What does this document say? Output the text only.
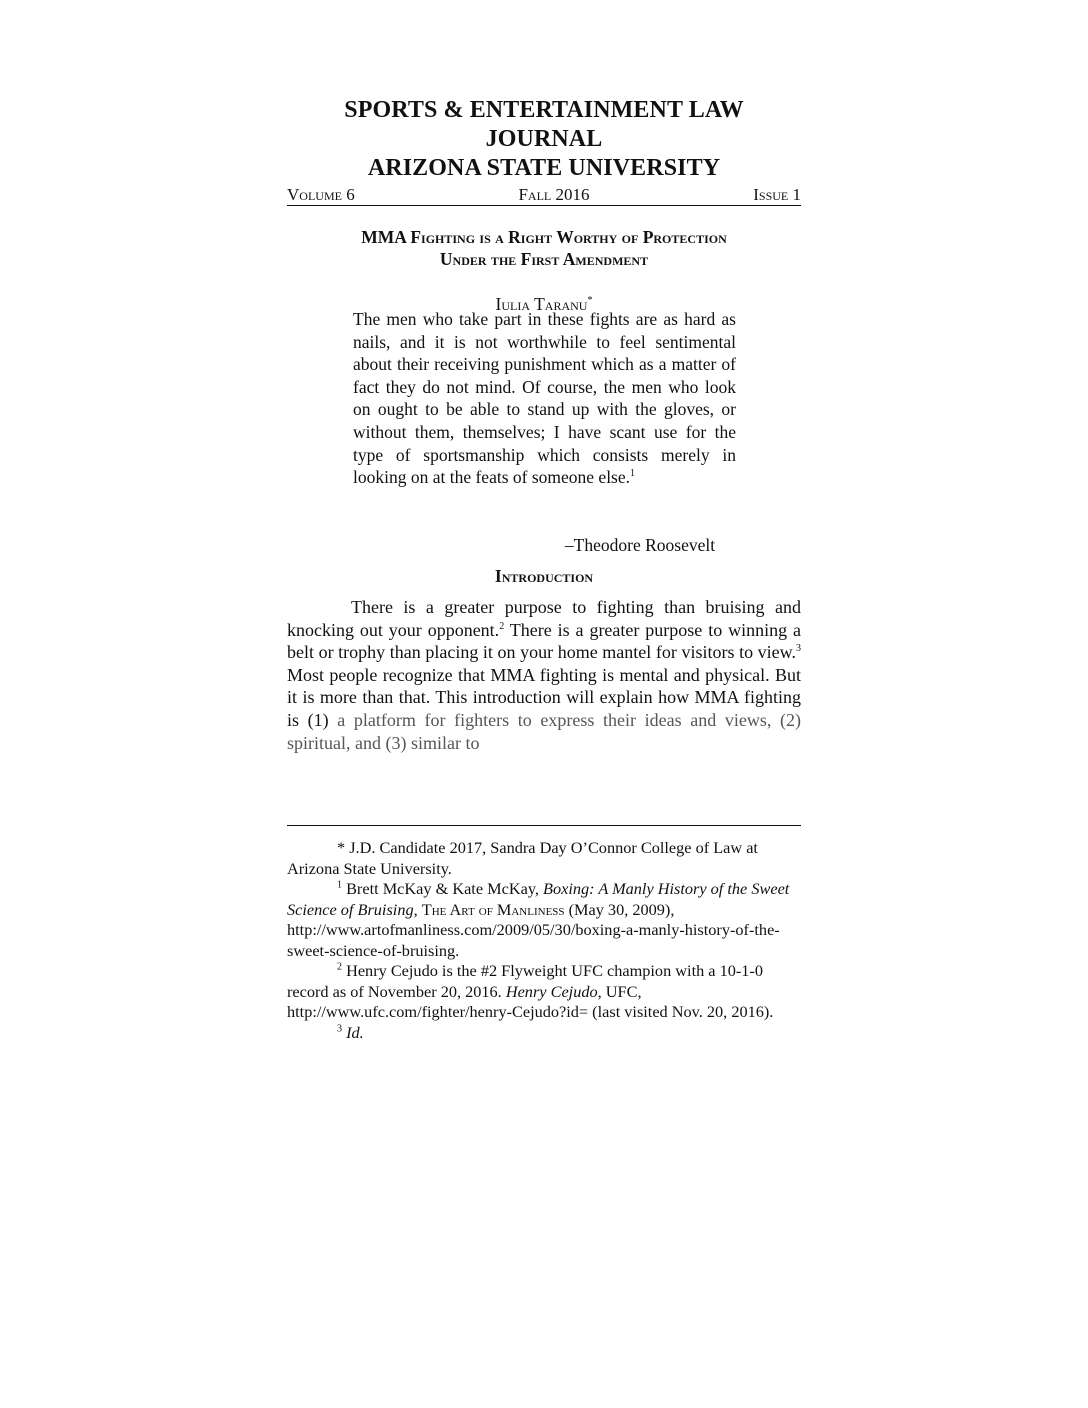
SPORTS & ENTERTAINMENT LAW JOURNAL
ARIZONA STATE UNIVERSITY
Volume 6	Fall 2016	Issue 1
MMA Fighting is a Right Worthy of Protection
Under the First Amendment
Iulia Taranu*
The men who take part in these fights are as hard as nails, and it is not worthwhile to feel sentimental about their receiving punishment which as a matter of fact they do not mind. Of course, the men who look on ought to be able to stand up with the gloves, or without them, themselves; I have scant use for the type of sportsmanship which consists merely in looking on at the feats of someone else.$^1$
–Theodore Roosevelt
Introduction
There is a greater purpose to fighting than bruising and knocking out your opponent.$^2$ There is a greater purpose to winning a belt or trophy than placing it on your home mantel for visitors to view.$^3$ Most people recognize that MMA fighting is mental and physical. But it is more than that. This introduction will explain how MMA fighting is (1) a platform for fighters to express their ideas and views, (2) spiritual, and (3) similar to

* J.D. Candidate 2017, Sandra Day O’Connor College of Law at Arizona State University.

$^1$ Brett McKay & Kate McKay, Boxing: A Manly History of the Sweet Science of Bruising, The Art of Manliness (May 30, 2009), http://www.artofmanliness.com/2009/05/30/boxing-a-manly-history-of-the-sweet-science-of-bruising.

$^2$ Henry Cejudo is the #2 Flyweight UFC champion with a 10-1-0 record as of November 20, 2016. Henry Cejudo, UFC, http://www.ufc.com/fighter/henry-Cejudo?id= (last visited Nov. 20, 2016).

$^3$ Id.
